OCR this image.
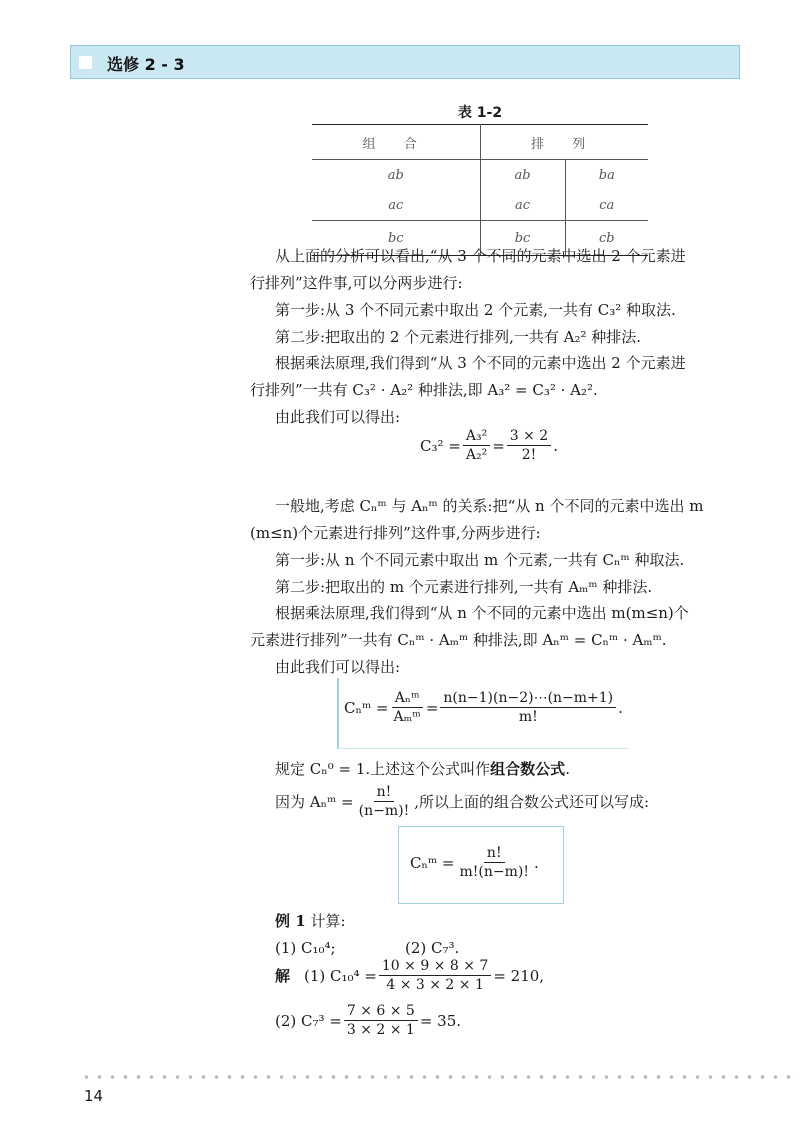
选修 2 - 3
表 1-2
组 合	排 列	
ab	ab	ba
ac	ac	ca
bc	bc	cb
从上面的分析可以看出,“从 3 个不同的元素中选出 2 个元素进
行排列”这件事,可以分两步进行:
第一步:从 3 个不同元素中取出 2 个元素,一共有 C₃² 种取法.
第二步:把取出的 2 个元素进行排列,一共有 A₂² 种排法.
根据乘法原理,我们得到“从 3 个不同的元素中选出 2 个元素进
行排列”一共有 C₃² · A₂² 种排法,即 A₃² = C₃² · A₂².
由此我们可以得出:
$C_3^2 = \frac{\text{A₃²}}{\text{A₂²}} = \frac{3 \times 2}{2!}$ .
一般地,考虑 Cₙᵐ 与 Aₙᵐ 的关系:把“从 n 个不同的元素中选出 m
(m≤n)个元素进行排列”这件事,分两步进行:
第一步:从 n 个不同元素中取出 m 个元素,一共有 Cₙᵐ 种取法.
第二步:把取出的 m 个元素进行排列,一共有 Aₘᵐ 种排法.
根据乘法原理,我们得到“从 n 个不同的元素中选出 m(m≤n)个
元素进行排列”一共有 Cₙᵐ · Aₘᵐ 种排法,即 Aₙᵐ = Cₙᵐ · Aₘᵐ.
由此我们可以得出:
Cₙᵐ = $\frac{\text{Aₙᵐ}}{\text{Aₘᵐ}} = \frac{n(n-1)(n-2)\cdots(n-m+1)}{m!}$ .
规定 Cₙ⁰ = 1.上述这个公式叫作组合数公式.
因为 Aₙᵐ = $\frac{n!}{(n-m)!}$ ,所以上面的组合数公式还可以写成:
Cₙᵐ = $\frac{n!}{m!(n-m)!}$ .
例 1 计算:
(1) C₁₀⁴;	(2) C₇³.
解 (1) $C_{10}^4 = \frac{10 \times 9 \times 8 \times 7}{4 \times 3 \times 2 \times 1} = 210$,
(2) $C_7^3 = \frac{7 \times 6 \times 5}{3 \times 2 \times 1} = 35$.
14
